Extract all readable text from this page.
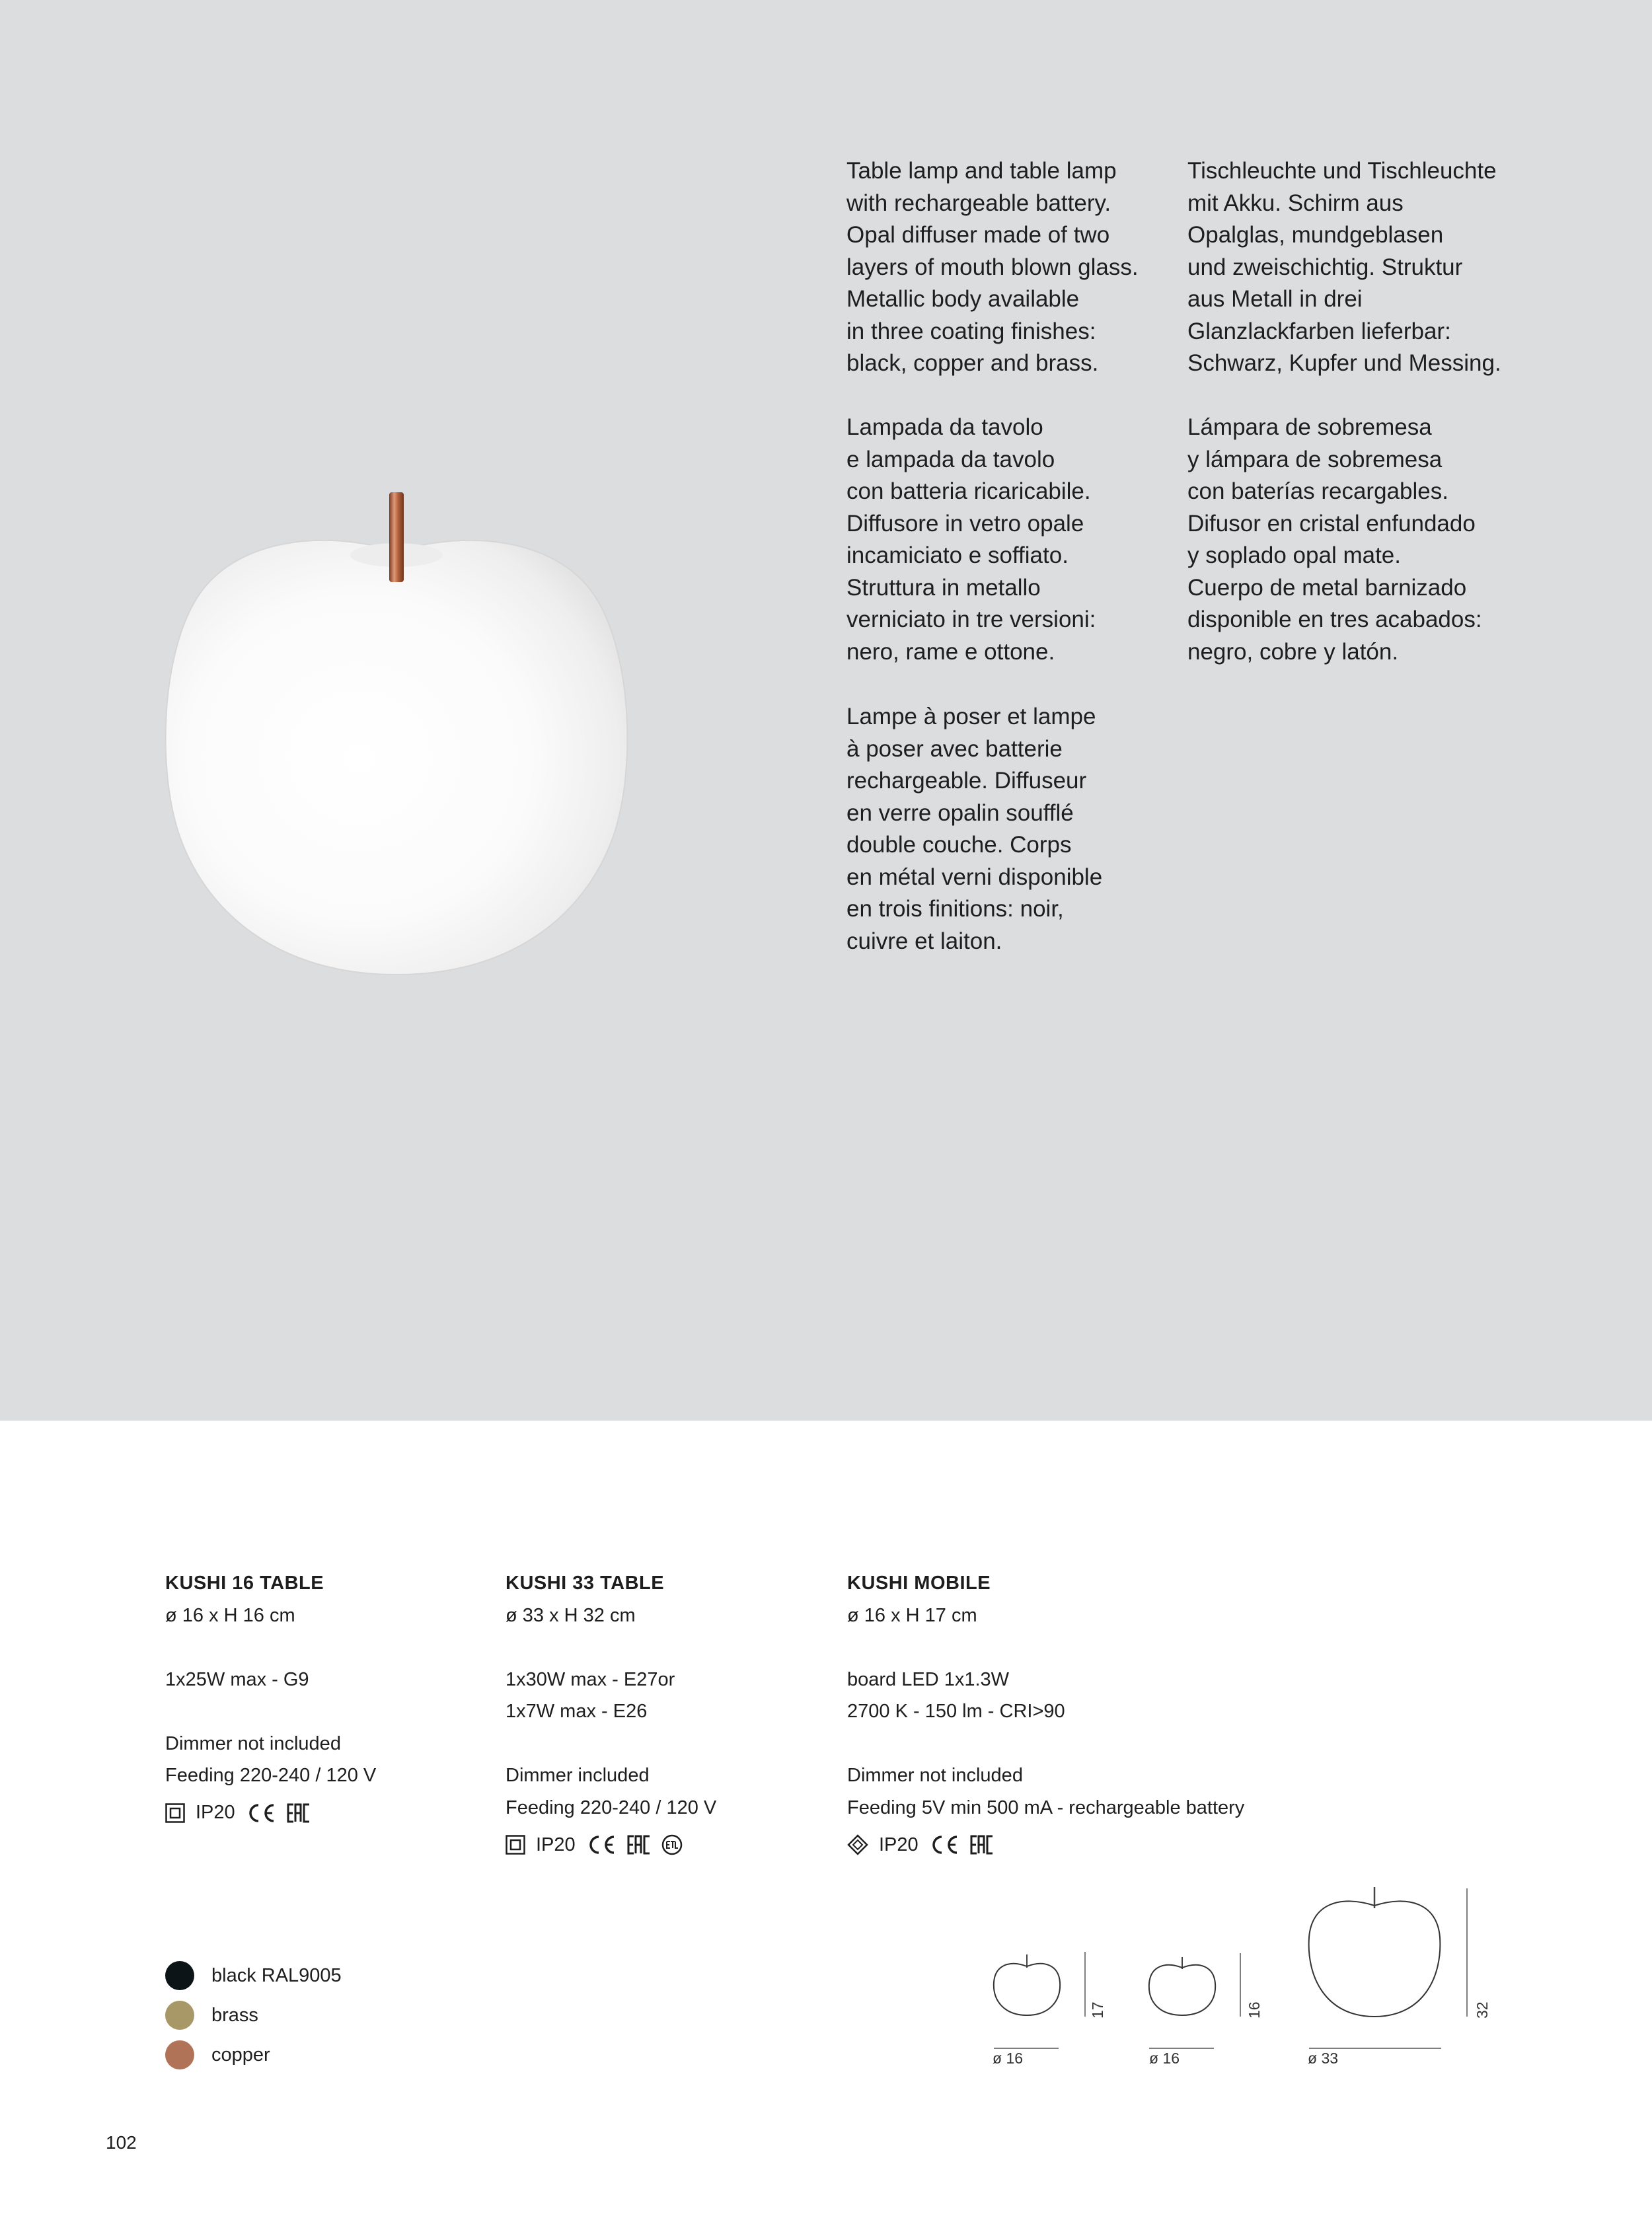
Table lamp and table lamp
with rechargeable battery.
Opal diffuser made of two
layers of mouth blown glass.
Metallic body available
in three coating finishes:
black, copper and brass.

Lampada da tavolo
e lampada da tavolo
con batteria ricaricabile.
Diffusore in vetro opale
incamiciato e soffiato.
Struttura in metallo
verniciato in tre versioni:
nero, rame e ottone.

Lampe à poser et lampe
à poser avec batterie
rechargeable. Diffuseur
en verre opalin soufflé
double couche. Corps
en métal verni disponible
en trois finitions: noir,
cuivre et laiton.

Tischleuchte und Tischleuchte
mit Akku. Schirm aus
Opalglas, mundgeblasen
und zweischichtig. Struktur
aus Metall in drei
Glanzlackfarben lieferbar:
Schwarz, Kupfer und Messing.

Lámpara de sobremesa
y lámpara de sobremesa
con baterías recargables.
Difusor en cristal enfundado
y soplado opal mate.
Cuerpo de metal barnizado
disponible en tres acabados:
negro, cobre y latón.

KUSHI 16 TABLE
ø 16 x H 16 cm
1x25W max - G9
Dimmer not included
Feeding 220-240 / 120 V
IP20
KUSHI 33 TABLE
ø 33 x H 32 cm
1x30W max - E27or
1x7W max - E26
Dimmer included
Feeding 220-240 / 120 V
IP20
KUSHI MOBILE
ø 16 x H 17 cm
board LED 1x1.3W
2700 K - 150 lm - CRI>90
Dimmer not included
Feeding 5V min 500 mA - rechargeable battery
IP20
black RAL9005
brass
copper	ø 16
17
ø 16
16
ø 33
32
102
